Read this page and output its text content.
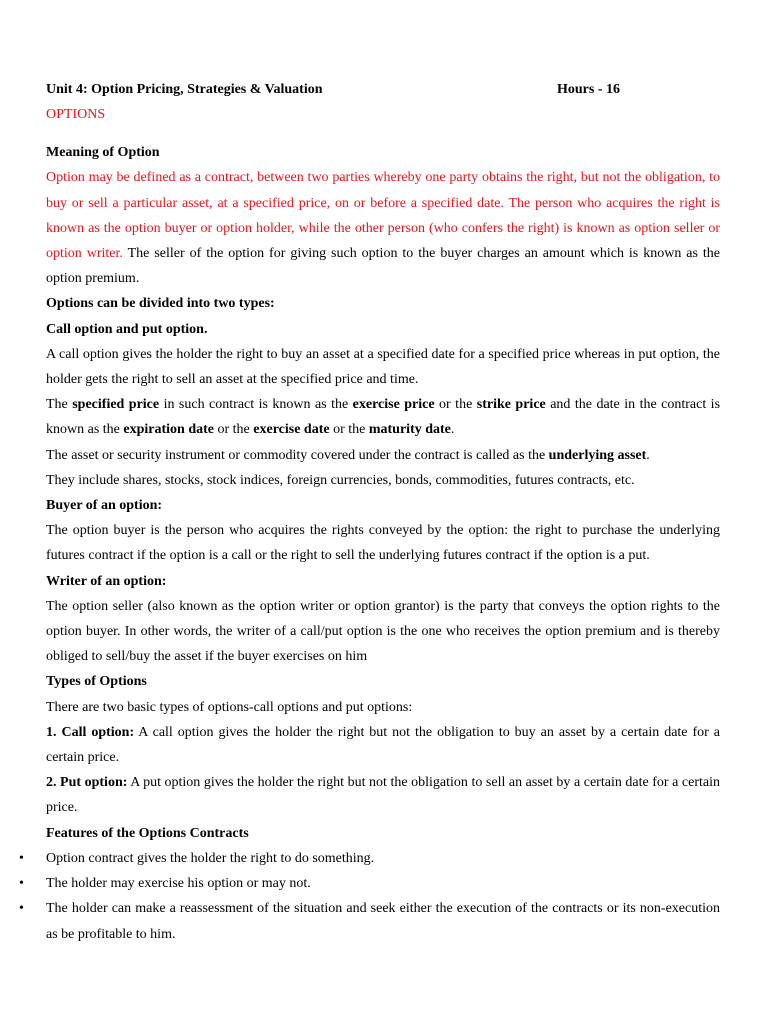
Unit 4: Option Pricing, Strategies & Valuation	Hours - 16

OPTIONS

Meaning of Option

Option may be defined as a contract, between two parties whereby one party obtains the right, but not the obligation, to buy or sell a particular asset, at a specified price, on or before a specified date. The person who acquires the right is known as the option buyer or option holder, while the other person (who confers the right) is known as option seller or option writer. The seller of the option for giving such option to the buyer charges an amount which is known as the option premium.

Options can be divided into two types:

Call option and put option.

A call option gives the holder the right to buy an asset at a specified date for a specified price whereas in put option, the holder gets the right to sell an asset at the specified price and time.

The specified price in such contract is known as the exercise price or the strike price and the date in the contract is known as the expiration date or the exercise date or the maturity date.

The asset or security instrument or commodity covered under the contract is called as the underlying asset.

They include shares, stocks, stock indices, foreign currencies, bonds, commodities, futures contracts, etc.

Buyer of an option:

The option buyer is the person who acquires the rights conveyed by the option: the right to purchase the underlying futures contract if the option is a call or the right to sell the underlying futures contract if the option is a put.

Writer of an option:

The option seller (also known as the option writer or option grantor) is the party that conveys the option rights to the option buyer. In other words, the writer of a call/put option is the one who receives the option premium and is thereby obliged to sell/buy the asset if the buyer exercises on him

Types of Options

There are two basic types of options-call options and put options:

1. Call option: A call option gives the holder the right but not the obligation to buy an asset by a certain date for a certain price.

2. Put option: A put option gives the holder the right but not the obligation to sell an asset by a certain date for a certain price.

Features of the Options Contracts

• Option contract gives the holder the right to do something.
• The holder may exercise his option or may not.
• The holder can make a reassessment of the situation and seek either the execution of the contracts or its non-execution as be profitable to him.
